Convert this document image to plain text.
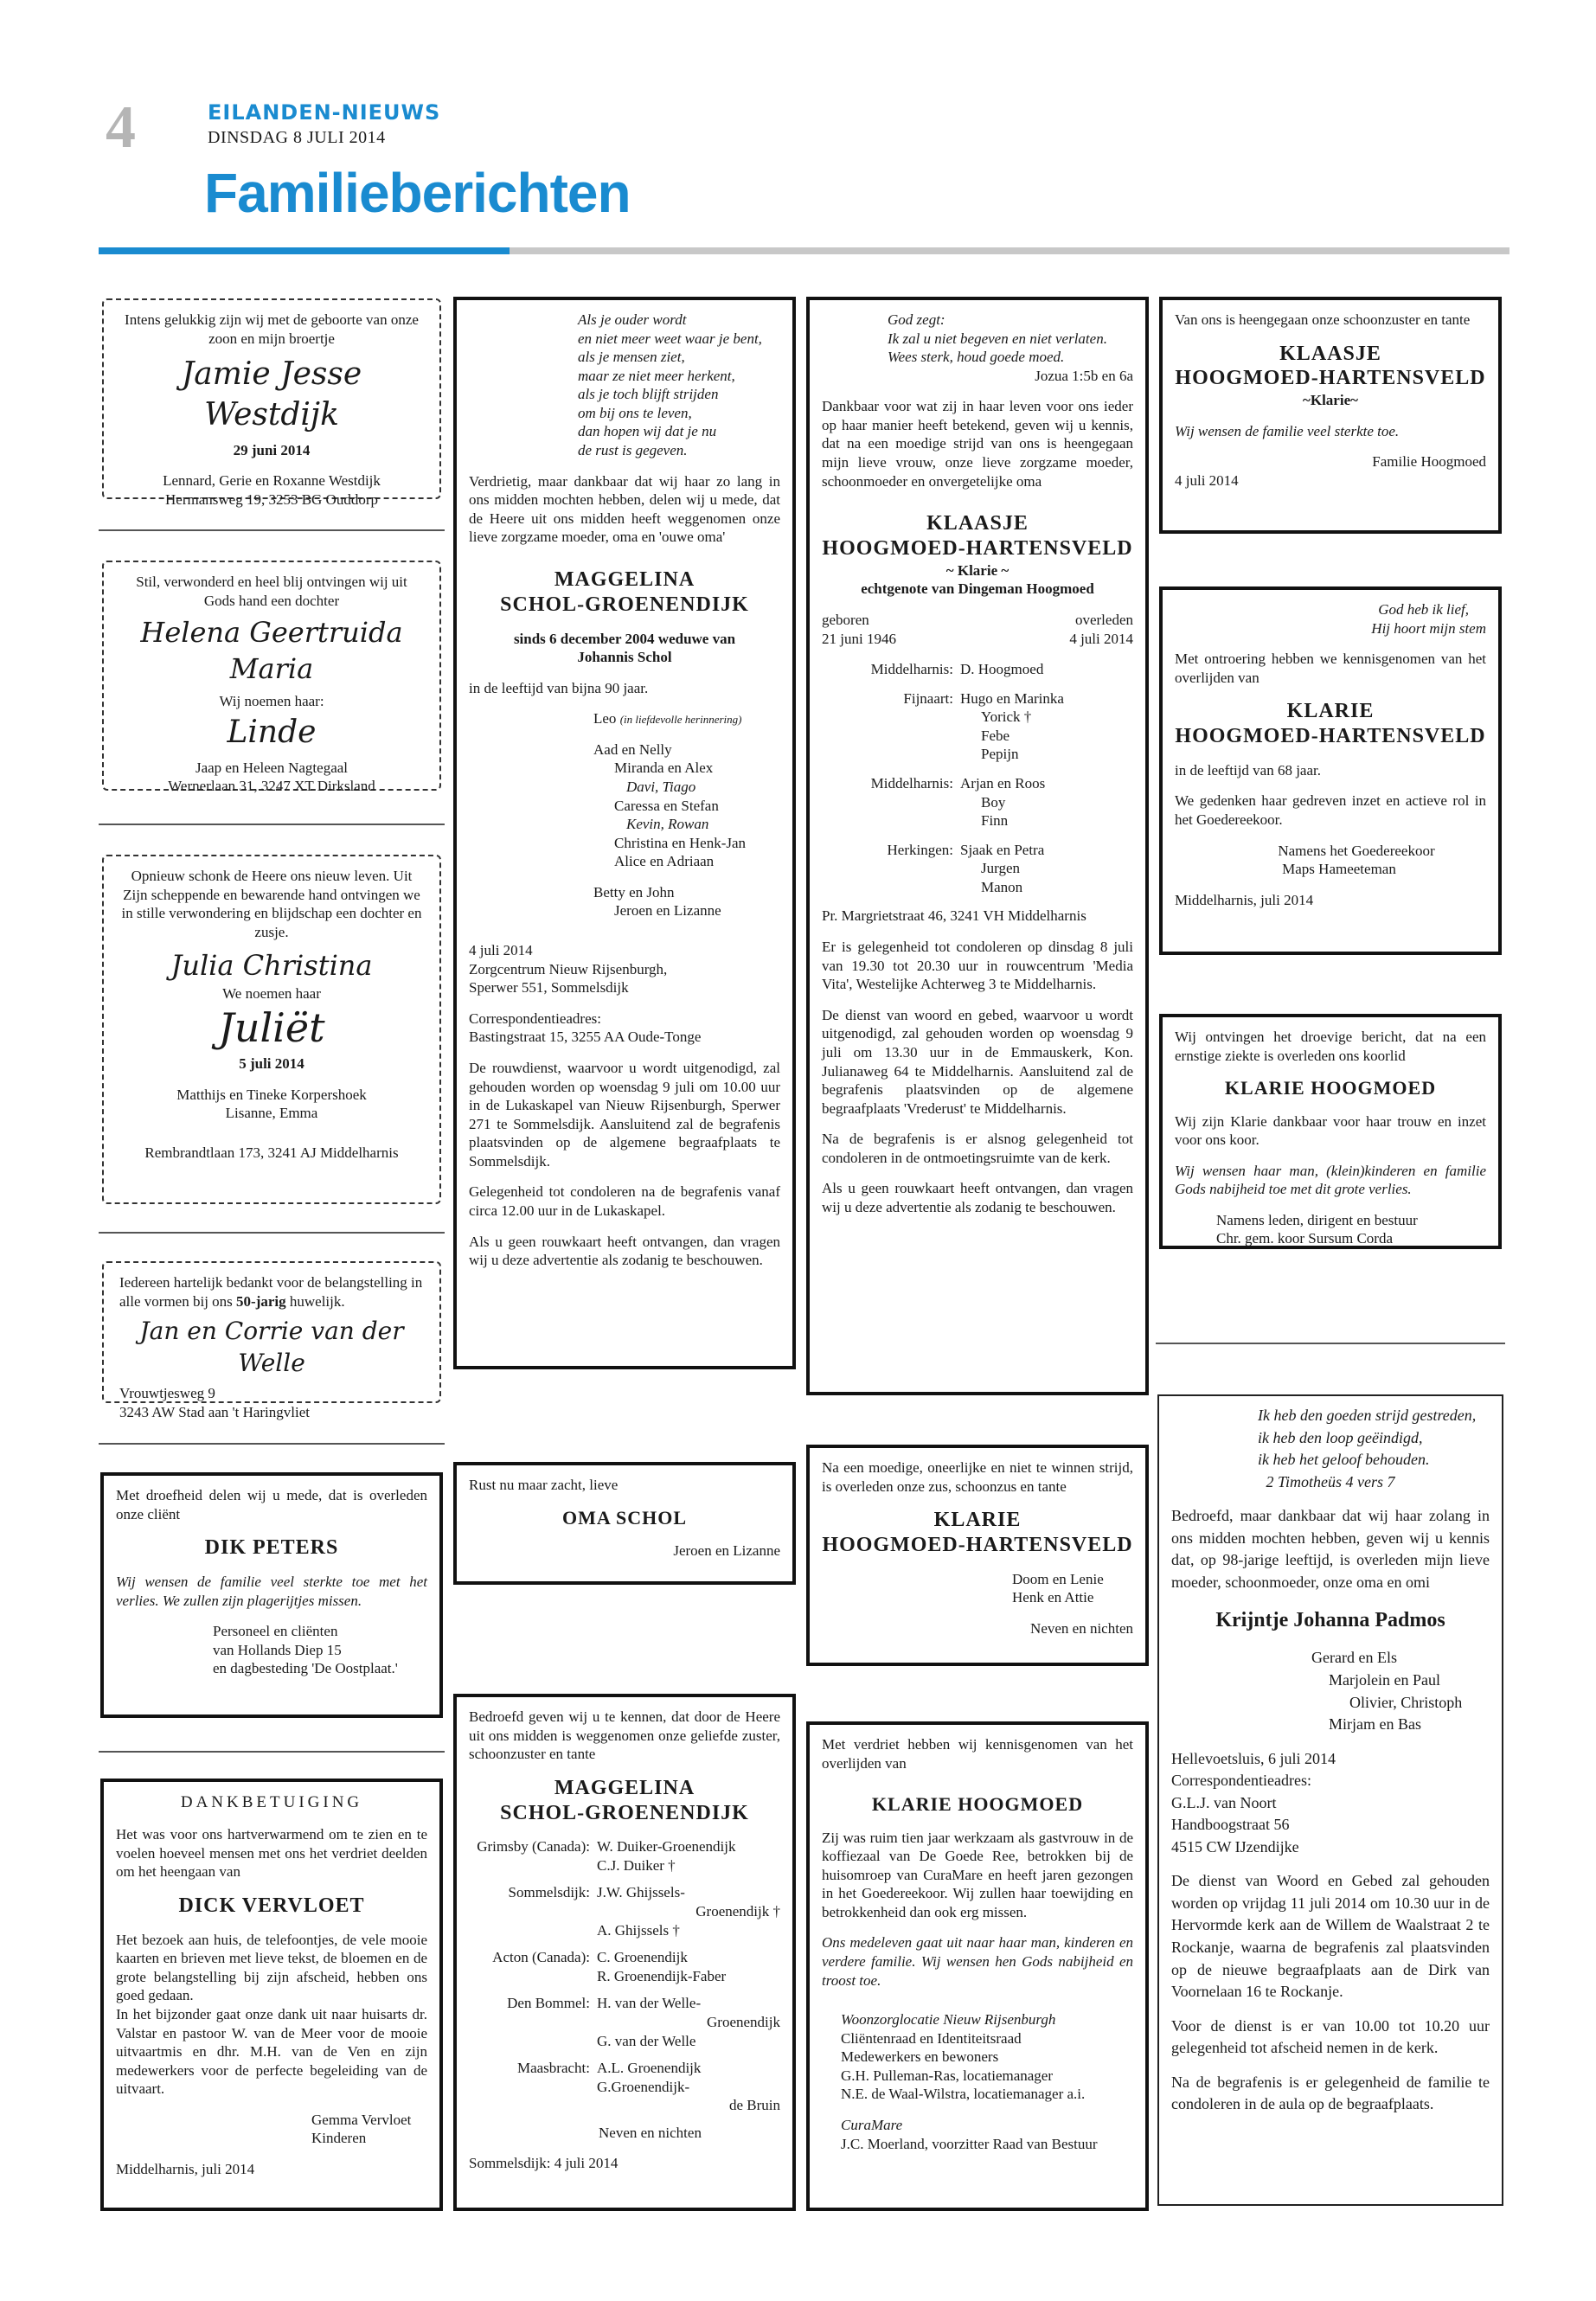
4	EILANDEN-NIEUWS
DINSDAG 8 JULI 2014
Familieberichten

Intens gelukkig zijn wij met de geboorte van onze zoon en mijn broertje

Jamie Jesse Westdijk

29 juni 2014

Lennard, Gerie en Roxanne Westdijk

Hermansweg 19, 3253 BG Ouddorp

Stil, verwonderd en heel blij ontvingen wij uit Gods hand een dochter

Helena Geertruida Maria

Wij noemen haar:

Linde

Jaap en Heleen Nagtegaal

Wernerlaan 31, 3247 XT Dirksland

Opnieuw schonk de Heere ons nieuw leven. Uit Zijn scheppende en bewarende hand ontvingen we in stille verwondering en blijdschap een dochter en zusje.

Julia Christina

We noemen haar

Juliët

5 juli 2014

Matthijs en Tineke Korpershoek

Lisanne, Emma

Rembrandtlaan 173, 3241 AJ Middelharnis

Iedereen hartelijk bedankt voor de belangstelling in alle vormen bij ons 50-jarig huwelijk.

Jan en Corrie van der Welle

Vrouwtjesweg 9

3243 AW Stad aan 't Haringvliet

Met droefheid delen wij u mede, dat is overleden onze cliënt

DIK PETERS

Wij wensen de familie veel sterkte toe met het verlies. We zullen zijn plagerijtjes missen.

Personeel en cliënten

van Hollands Diep 15

en dagbesteding 'De Oostplaat.'

DANKBETUIGING

Het was voor ons hartverwarmend om te zien en te voelen hoeveel mensen met ons het verdriet deelden om het heengaan van

DICK VERVLOET

Het bezoek aan huis, de telefoontjes, de vele mooie kaarten en brieven met lieve tekst, de bloemen en de grote belangstelling bij zijn afscheid, hebben ons goed gedaan.

In het bijzonder gaat onze dank uit naar huisarts dr. Valstar en pastoor W. van de Meer voor de mooie uitvaartmis en dhr. M.H. van de Ven en zijn medewerkers voor de perfecte begeleiding van de uitvaart.

Gemma Vervloet

Kinderen

Middelharnis, juli 2014

Als je ouder wordt

en niet meer weet waar je bent,

als je mensen ziet,

maar ze niet meer herkent,

als je toch blijft strijden

om bij ons te leven,

dan hopen wij dat je nu

de rust is gegeven.

Verdrietig, maar dankbaar dat wij haar zo lang in ons midden mochten hebben, delen wij u mede, dat de Heere uit ons midden heeft weggenomen onze lieve zorgzame moeder, oma en 'ouwe oma'

MAGGELINA
SCHOL-GROENENDIJK

sinds 6 december 2004 weduwe van Johannis Schol

in de leeftijd van bijna 90 jaar.

Leo (in liefdevolle herinnering)

Aad en Nelly

Miranda en Alex

Davi, Tiago

Caressa en Stefan

Kevin, Rowan

Christina en Henk-Jan

Alice en Adriaan

Betty en John

Jeroen en Lizanne

4 juli 2014

Zorgcentrum Nieuw Rijsenburgh,

Sperwer 551, Sommelsdijk

Correspondentieadres:

Bastingstraat 15, 3255 AA Oude-Tonge

De rouwdienst, waarvoor u wordt uitgenodigd, zal gehouden worden op woensdag 9 juli om 10.00 uur in de Lukaskapel van Nieuw Rijsenburgh, Sperwer 271 te Sommelsdijk. Aansluitend zal de begrafenis plaatsvinden op de algemene begraafplaats te Sommelsdijk.

Gelegenheid tot condoleren na de begrafenis vanaf circa 12.00 uur in de Lukaskapel.

Als u geen rouwkaart heeft ontvangen, dan vragen wij u deze advertentie als zodanig te beschouwen.

Rust nu maar zacht, lieve

OMA SCHOL

Jeroen en Lizanne

Bedroefd geven wij u te kennen, dat door de Heere uit ons midden is weggenomen onze geliefde zuster, schoonzuster en tante

MAGGELINA
SCHOL-GROENENDIJK
Grimsby (Canada): W. Duiker-Groenendijk

C.J. Duiker †

Sommelsdijk: J.W. Ghijssels-

Groenendijk †

A. Ghijssels †

Acton (Canada): C. Groenendijk

R. Groenendijk-Faber

Den Bommel: H. van der Welle-

Groenendijk

G. van der Welle

Maasbracht: A.L. Groenendijk

G.Groenendijk-

de Bruin

Neven en nichten

Sommelsdijk: 4 juli 2014

God zegt:

Ik zal u niet begeven en niet verlaten.

Wees sterk, houd goede moed.

Jozua 1:5b en 6a

Dankbaar voor wat zij in haar leven voor ons ieder op haar manier heeft betekend, geven wij u kennis, dat na een moedige strijd van ons is heengegaan mijn lieve vrouw, onze lieve zorgzame moeder, schoonmoeder en onvergetelijke oma

KLAASJE
HOOGMOED-HARTENSVELD

~ Klarie ~

echtgenote van Dingeman Hoogmoed

geboren

21 juni 1946

overleden

4 juli 2014

Middelharnis: D. Hoogmoed

Fijnaart: Hugo en Marinka

Yorick †

Febe

Pepijn

Middelharnis: Arjan en Roos

Boy

Finn

Herkingen: Sjaak en Petra

Jurgen

Manon

Pr. Margrietstraat 46, 3241 VH Middelharnis

Er is gelegenheid tot condoleren op dinsdag 8 juli van 19.30 tot 20.30 uur in rouwcentrum 'Media Vita', Westelijke Achterweg 3 te Middelharnis.

De dienst van woord en gebed, waarvoor u wordt uitgenodigd, zal gehouden worden op woensdag 9 juli om 13.30 uur in de Emmauskerk, Kon. Julianaweg 64 te Middelharnis. Aansluitend zal de begrafenis plaatsvinden op de algemene begraafplaats 'Vrederust' te Middelharnis.

Na de begrafenis is er alsnog gelegenheid tot condoleren in de ontmoetingsruimte van de kerk.

Als u geen rouwkaart heeft ontvangen, dan vragen wij u deze advertentie als zodanig te beschouwen.

Na een moedige, oneerlijke en niet te winnen strijd, is overleden onze zus, schoonzus en tante

KLARIE
HOOGMOED-HARTENSVELD

Doom en Lenie

Henk en Attie

Neven en nichten

Met verdriet hebben wij kennisgenomen van het overlijden van

KLARIE HOOGMOED

Zij was ruim tien jaar werkzaam als gastvrouw in de koffiezaal van De Goede Ree, betrokken bij de huisomroep van CuraMare en heeft jaren gezongen in het Goedereekoor. Wij zullen haar toewijding en betrokkenheid dan ook erg missen.

Ons medeleven gaat uit naar haar man, kinderen en verdere familie. Wij wensen hen Gods nabijheid en troost toe.

Woonzorglocatie Nieuw Rijsenburgh

Cliëntenraad en Identiteitsraad

Medewerkers en bewoners

G.H. Pulleman-Ras, locatiemanager

N.E. de Waal-Wilstra, locatiemanager a.i.

CuraMare

J.C. Moerland, voorzitter Raad van Bestuur

Van ons is heengegaan onze schoonzuster en tante

KLAASJE
HOOGMOED-HARTENSVELD

~Klarie~

Wij wensen de familie veel sterkte toe.

Familie Hoogmoed

4 juli 2014

God heb ik lief,

Hij hoort mijn stem

Met ontroering hebben we kennisgenomen van het overlijden van

KLARIE
HOOGMOED-HARTENSVELD

in de leeftijd van 68 jaar.

We gedenken haar gedreven inzet en actieve rol in het Goedereekoor.

Namens het Goedereekoor

Maps Hameeteman

Middelharnis, juli 2014

Wij ontvingen het droevige bericht, dat na een ernstige ziekte is overleden ons koorlid

KLARIE HOOGMOED

Wij zijn Klarie dankbaar voor haar trouw en inzet voor ons koor.

Wij wensen haar man, (klein)kinderen en familie Gods nabijheid toe met dit grote verlies.

Namens leden, dirigent en bestuur

Chr. gem. koor Sursum Corda

Ik heb den goeden strijd gestreden,

ik heb den loop geëindigd,

ik heb het geloof behouden.

2 Timotheüs 4 vers 7

Bedroefd, maar dankbaar dat wij haar zolang in ons midden mochten hebben, geven wij u kennis dat, op 98-jarige leeftijd, is overleden mijn lieve moeder, schoonmoeder, onze oma en omi

Krijntje Johanna Padmos

Gerard en Els

Marjolein en Paul

Olivier, Christoph

Mirjam en Bas

Hellevoetsluis, 6 juli 2014

Correspondentieadres:

G.L.J. van Noort

Handboogstraat 56

4515 CW IJzendijke

De dienst van Woord en Gebed zal gehouden worden op vrijdag 11 juli 2014 om 10.30 uur in de Hervormde kerk aan de Willem de Waalstraat 2 te Rockanje, waarna de begrafenis zal plaatsvinden op de nieuwe begraafplaats aan de Dirk van Voornelaan 16 te Rockanje.

Voor de dienst is er van 10.00 tot 10.20 uur gelegenheid tot afscheid nemen in de kerk.

Na de begrafenis is er gelegenheid de familie te condoleren in de aula op de begraafplaats.
